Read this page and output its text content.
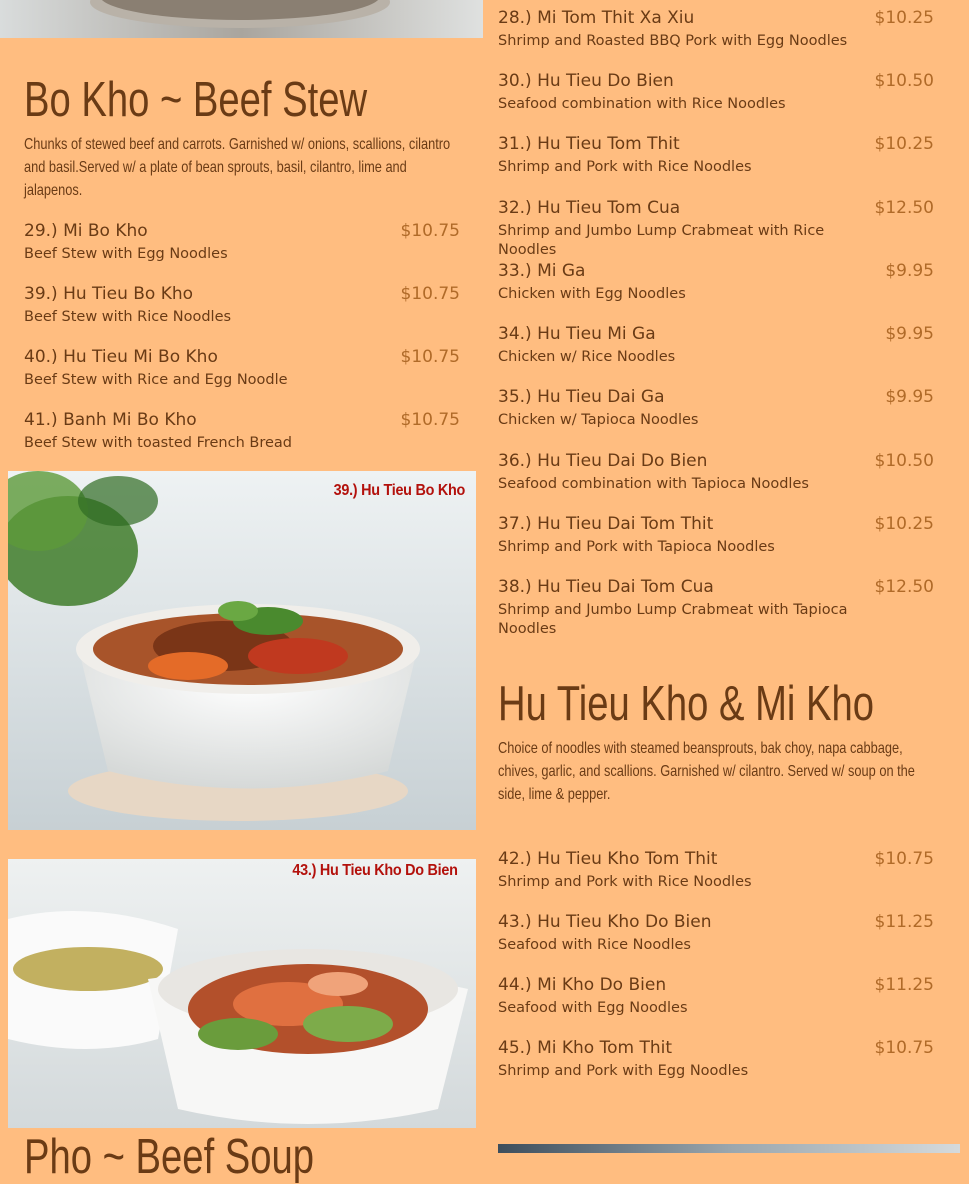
Bo Kho ~ Beef Stew
Chunks of stewed beef and carrots. Garnished w/ onions, scallions, cilantro and basil.Served w/ a plate of bean sprouts, basil, cilantro, lime and jalapenos.
29.) Mi Bo Kho	$10.75
Beef Stew with Egg Noodles
39.) Hu Tieu Bo Kho	$10.75
Beef Stew with Rice Noodles
40.) Hu Tieu Mi Bo Kho	$10.75
Beef Stew with Rice and Egg Noodle
41.) Banh Mi Bo Kho	$10.75
Beef Stew with toasted French Bread
39.) Hu Tieu Bo Kho
43.) Hu Tieu Kho Do Bien
Pho ~ Beef Soup
28.) Mi Tom Thit Xa Xiu	$10.25
Shrimp and Roasted BBQ Pork with Egg Noodles
30.) Hu Tieu Do Bien	$10.50
Seafood combination with Rice Noodles
31.) Hu Tieu Tom Thit	$10.25
Shrimp and Pork with Rice Noodles
32.) Hu Tieu Tom Cua	$12.50
Shrimp and Jumbo Lump Crabmeat with Rice Noodles
33.) Mi Ga	$9.95
Chicken with Egg Noodles
34.) Hu Tieu Mi Ga	$9.95
Chicken w/ Rice Noodles
35.) Hu Tieu Dai Ga	$9.95
Chicken w/ Tapioca Noodles
36.) Hu Tieu Dai Do Bien	$10.50
Seafood combination with Tapioca Noodles
37.) Hu Tieu Dai Tom Thit	$10.25
Shrimp and Pork with Tapioca Noodles
38.) Hu Tieu Dai Tom Cua	$12.50
Shrimp and Jumbo Lump Crabmeat with Tapioca Noodles
Hu Tieu Kho & Mi Kho
Choice of noodles with steamed beansprouts, bak choy, napa cabbage, chives, garlic, and scallions. Garnished w/ cilantro. Served w/ soup on the side, lime & pepper.
42.) Hu Tieu Kho Tom Thit	$10.75
Shrimp and Pork with Rice Noodles
43.) Hu Tieu Kho Do Bien	$11.25
Seafood with Rice Noodles
44.) Mi Kho Do Bien	$11.25
Seafood with Egg Noodles
45.) Mi Kho Tom Thit	$10.75
Shrimp and Pork with Egg Noodles
